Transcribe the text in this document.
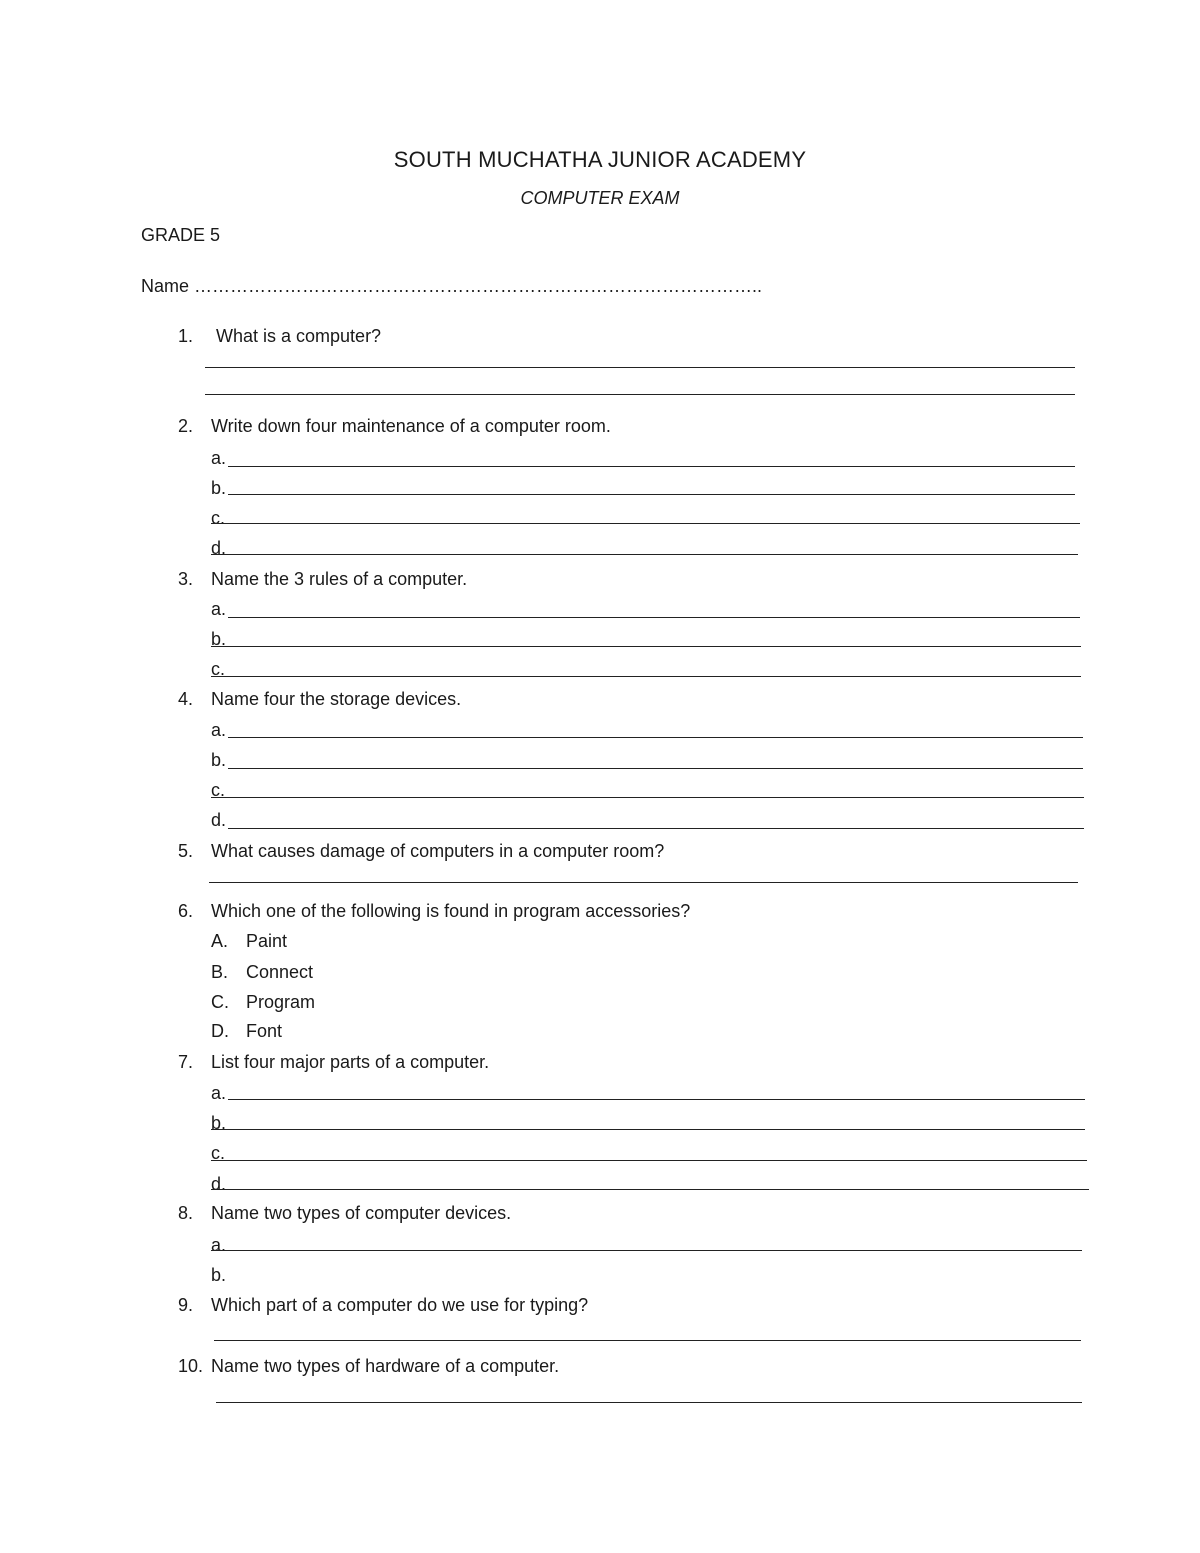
SOUTH MUCHATHA JUNIOR ACADEMY
COMPUTER EXAM
GRADE 5
Name …………………………………………………………………………………..
1. What is a computer?
2. Write down four maintenance of a computer room.
a.
b.
c.
d.
3. Name the 3 rules of a computer.
a.
b.
c.
4. Name four the storage devices.
a.
b.
c.
d.
5. What causes damage of computers in a computer room?
6. Which one of the following is found in program accessories?
A. Paint
B. Connect
C. Program
D. Font
7. List four major parts of a computer.
a.
b.
c.
d.
8. Name two types of computer devices.
a.
b.
9. Which part of a computer do we use for typing?
10. Name two types of hardware of a computer.
